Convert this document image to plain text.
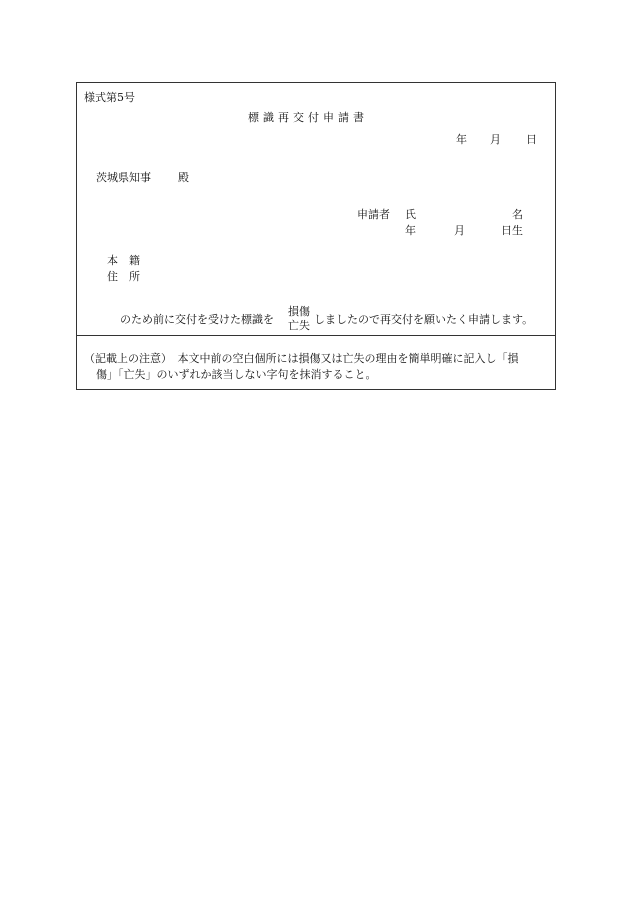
様式第5号
標識再交付申請書
年 月 日
茨城県知事 殿
申請者 氏	名
年	月	日生
本　籍
住　所
のため前に交付を受けた標識を
損傷
亡失 しましたので再交付を願いたく申請します。
（記載上の注意）　本文中前の空白個所には損傷又は亡失の理由を簡単明確に記入し「損
傷」「亡失」のいずれか該当しない字句を抹消すること。
